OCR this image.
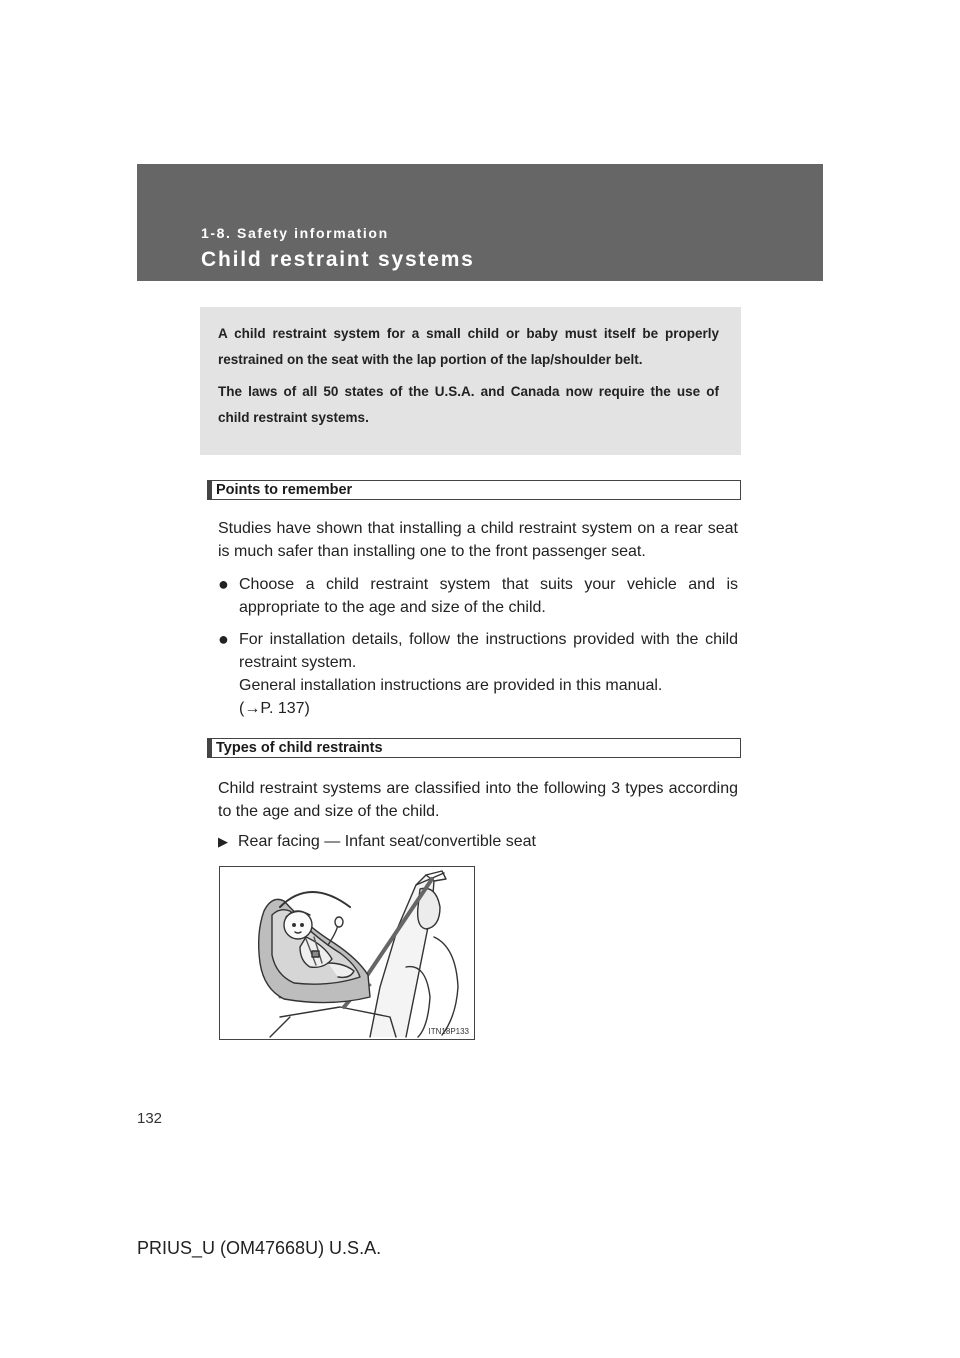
1-8. Safety information
Child restraint systems

A child restraint system for a small child or baby must itself be properly restrained on the seat with the lap portion of the lap/shoulder belt.

The laws of all 50 states of the U.S.A. and Canada now require the use of child restraint systems.

Points to remember
Studies have shown that installing a child restraint system on a rear seat is much safer than installing one to the front passenger seat.
● Choose a child restraint system that suits your vehicle and is appropriate to the age and size of the child.
● For installation details, follow the instructions provided with the child restraint system.
General installation instructions are provided in this manual.
(→P. 137)
Types of child restraints
Child restraint systems are classified into the following 3 types according to the age and size of the child.
▶ Rear facing — Infant seat/convertible seat
ITN18P133
132
PRIUS_U (OM47668U) U.S.A.
